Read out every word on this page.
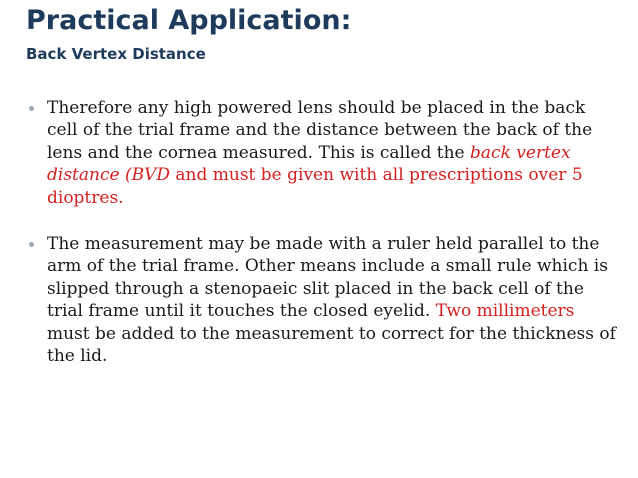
Practical Application:
Back Vertex Distance
Therefore any high powered lens should be placed in the back cell of the trial frame and the distance between the back of the lens and the cornea measured. This is called the back vertex distance (BVD and must be given with all prescriptions over 5 dioptres.
The measurement may be made with a ruler held parallel to the arm of the trial frame. Other means include a small rule which is slipped through a stenopaeic slit placed in the back cell of the trial frame until it touches the closed eyelid. Two millimeters must be added to the measurement to correct for the thickness of the lid.
